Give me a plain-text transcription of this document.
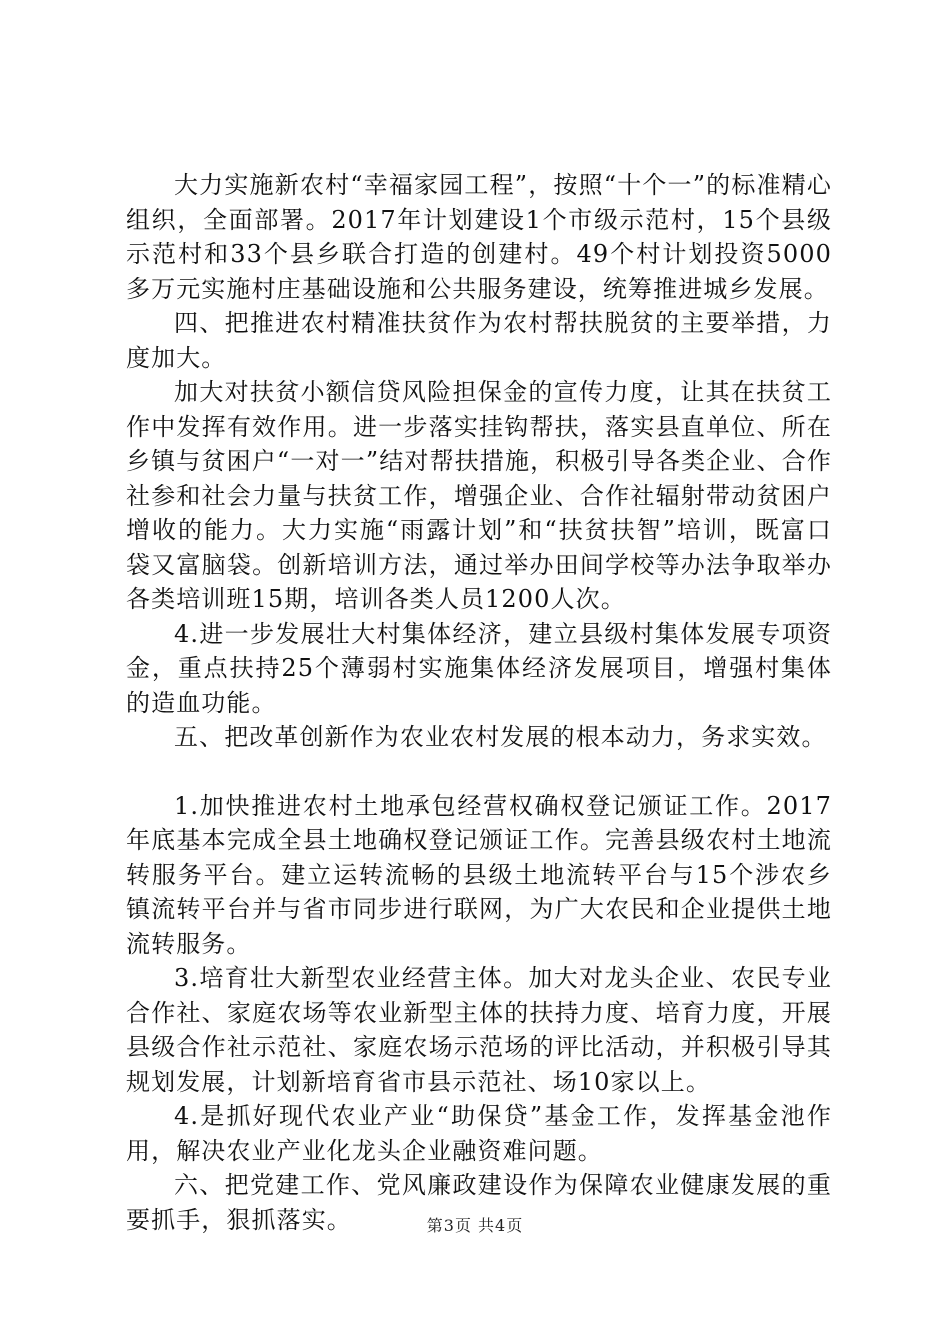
大力实施新农村“幸福家园工程”，按照“十个一”的标准精心组织，全面部署。2017年计划建设1个市级示范村，15个县级示范村和33个县乡联合打造的创建村。49个村计划投资5000多万元实施村庄基础设施和公共服务建设，统筹推进城乡发展。

四、把推进农村精准扶贫作为农村帮扶脱贫的主要举措，力度加大。

加大对扶贫小额信贷风险担保金的宣传力度，让其在扶贫工作中发挥有效作用。进一步落实挂钩帮扶，落实县直单位、所在乡镇与贫困户“一对一”结对帮扶措施，积极引导各类企业、合作社参和社会力量与扶贫工作，增强企业、合作社辐射带动贫困户增收的能力。大力实施“雨露计划”和“扶贫扶智”培训，既富口袋又富脑袋。创新培训方法，通过举办田间学校等办法争取举办各类培训班15期，培训各类人员1200人次。

4.进一步发展壮大村集体经济，建立县级村集体发展专项资金，重点扶持25个薄弱村实施集体经济发展项目，增强村集体的造血功能。

五、把改革创新作为农业农村发展的根本动力，务求实效。

1.加快推进农村土地承包经营权确权登记颁证工作。2017年底基本完成全县土地确权登记颁证工作。完善县级农村土地流转服务平台。建立运转流畅的县级土地流转平台与15个涉农乡镇流转平台并与省市同步进行联网，为广大农民和企业提供土地流转服务。

3.培育壮大新型农业经营主体。加大对龙头企业、农民专业合作社、家庭农场等农业新型主体的扶持力度、培育力度，开展县级合作社示范社、家庭农场示范场的评比活动，并积极引导其规划发展，计划新培育省市县示范社、场10家以上。

4.是抓好现代农业产业“助保贷”基金工作，发挥基金池作用，解决农业产业化龙头企业融资难问题。

六、把党建工作、党风廉政建设作为保障农业健康发展的重要抓手，狠抓落实。	第3页 共4页
